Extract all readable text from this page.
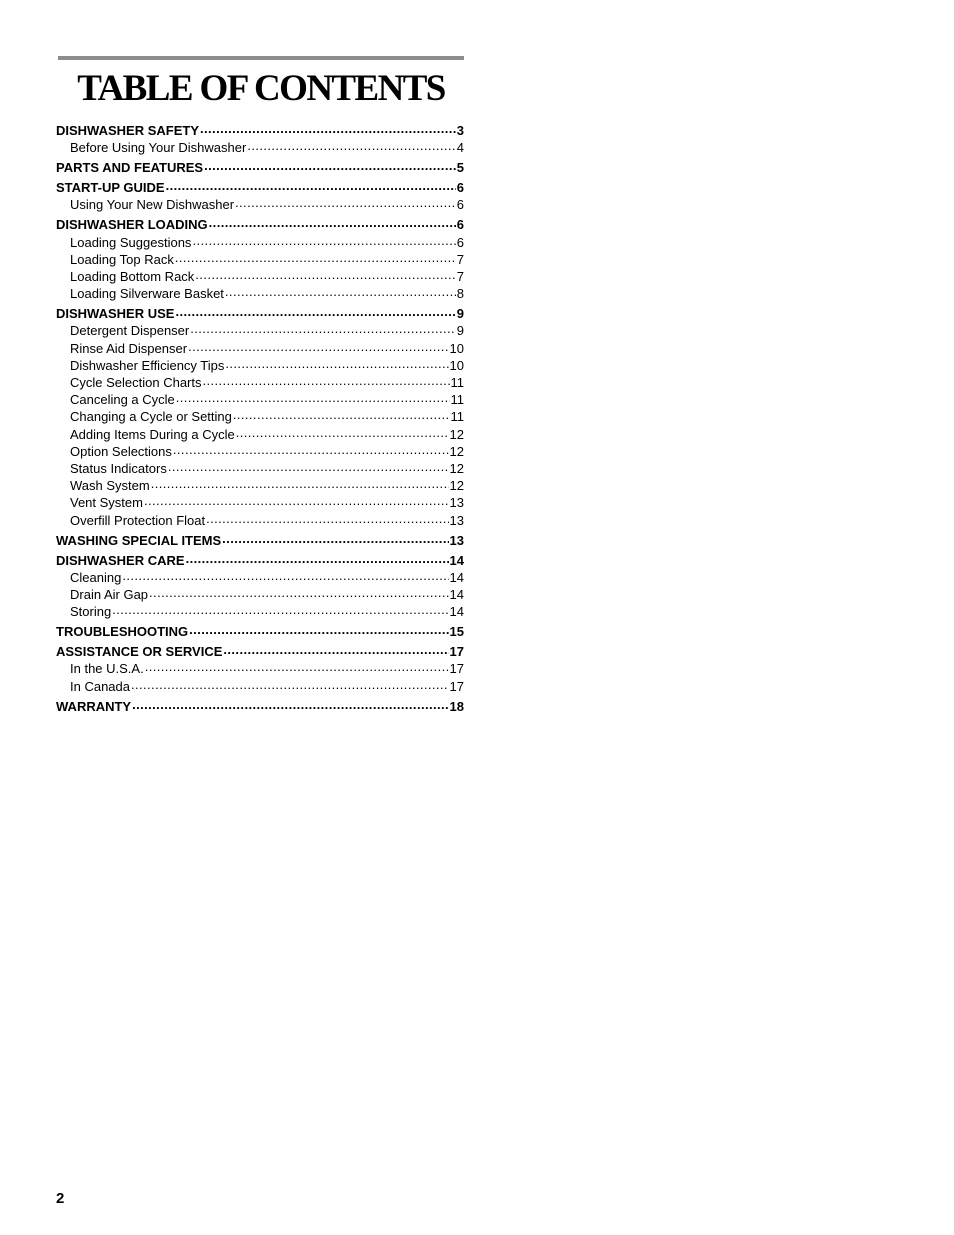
TABLE OF CONTENTS
DISHWASHER SAFETY .....	3
Before Using Your Dishwasher .....	4
PARTS AND FEATURES .....	5
START-UP GUIDE .....	6
Using Your New Dishwasher .....	6
DISHWASHER LOADING .....	6
Loading Suggestions .....	6
Loading Top Rack .....	7
Loading Bottom Rack .....	7
Loading Silverware Basket .....	8
DISHWASHER USE .....	9
Detergent Dispenser .....	9
Rinse Aid Dispenser .....	10
Dishwasher Efficiency Tips .....	10
Cycle Selection Charts .....	11
Canceling a Cycle .....	11
Changing a Cycle or Setting .....	11
Adding Items During a Cycle .....	12
Option Selections .....	12
Status Indicators .....	12
Wash System .....	12
Vent System .....	13
Overfill Protection Float .....	13
WASHING SPECIAL ITEMS .....	13
DISHWASHER CARE .....	14
Cleaning .....	14
Drain Air Gap .....	14
Storing .....	14
TROUBLESHOOTING .....	15
ASSISTANCE OR SERVICE .....	17
In the U.S.A. .....	17
In Canada .....	17
WARRANTY .....	18
2
